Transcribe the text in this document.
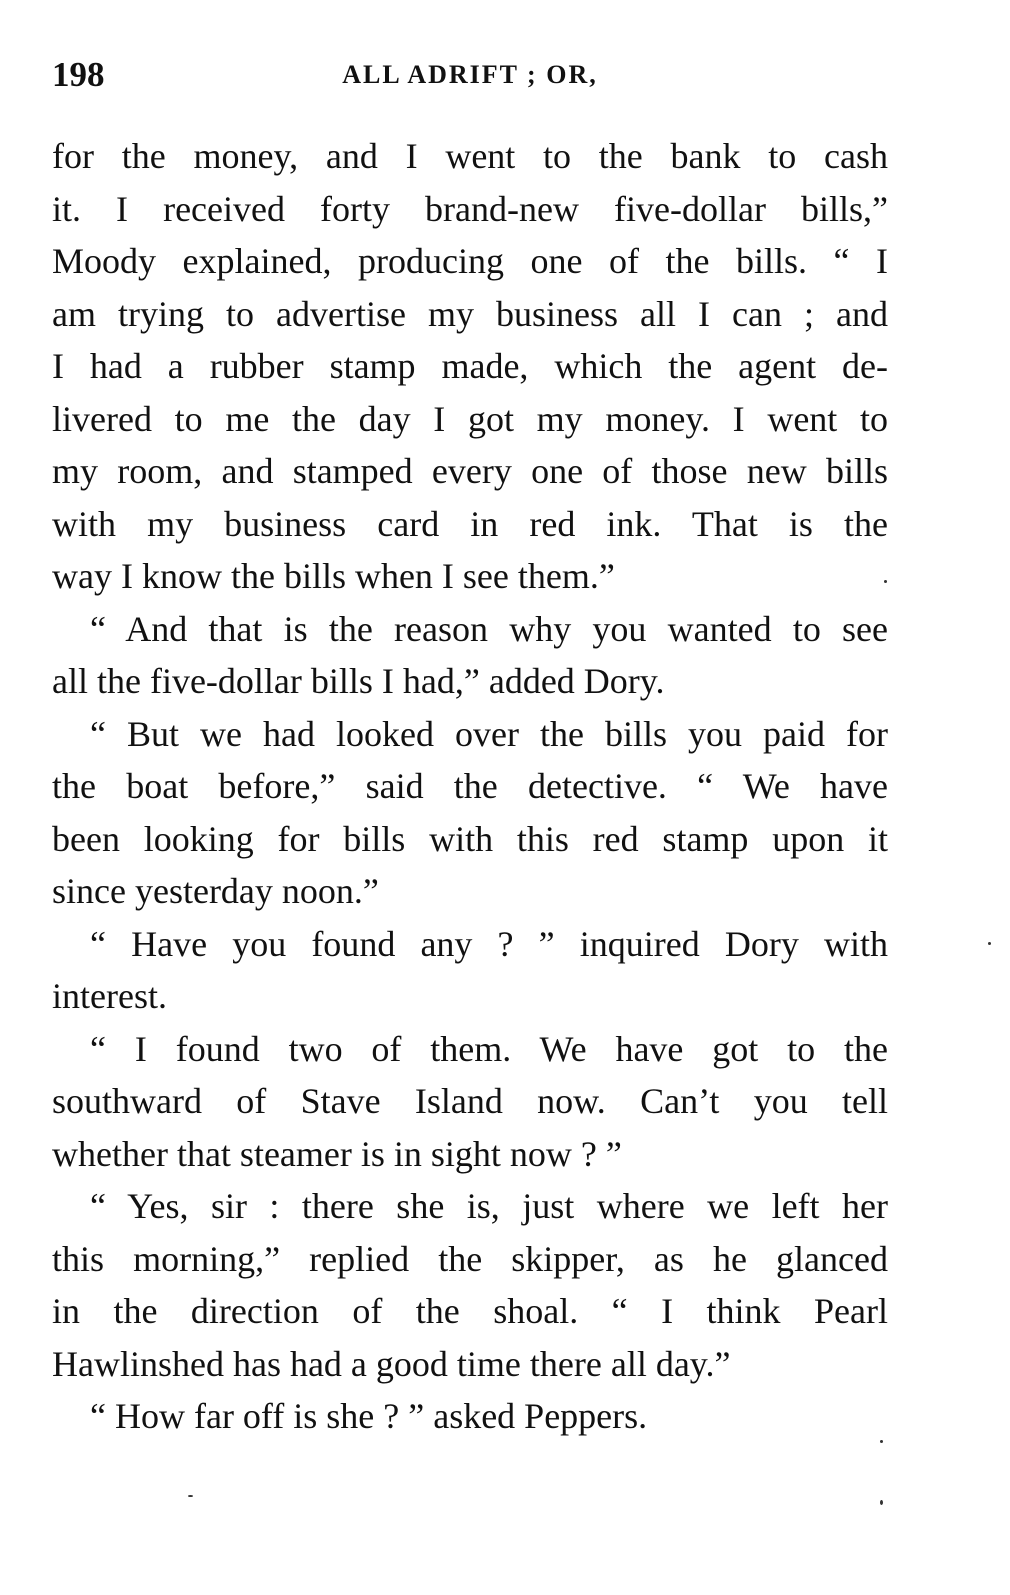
198	ALL ADRIFT ; OR,
for the money, and I went to the bank to cash
it. I received forty brand-new five-dollar bills,”
Moody explained, producing one of the bills. “ I
am trying to advertise my business all I can ; and
I had a rubber stamp made, which the agent de-
livered to me the day I got my money. I went to
my room, and stamped every one of those new bills
with my business card in red ink. That is the
way I know the bills when I see them.”
“ And that is the reason why you wanted to see
all the five-dollar bills I had,” added Dory.
“ But we had looked over the bills you paid for
the boat before,” said the detective. “ We have
been looking for bills with this red stamp upon it
since yesterday noon.”
“ Have you found any ? ” inquired Dory with
interest.
“ I found two of them. We have got to the
southward of Stave Island now. Can’t you tell
whether that steamer is in sight now ? ”
“ Yes, sir : there she is, just where we left her
this morning,” replied the skipper, as he glanced
in the direction of the shoal. “ I think Pearl
Hawlinshed has had a good time there all day.”
“ How far off is she ? ” asked Peppers.
